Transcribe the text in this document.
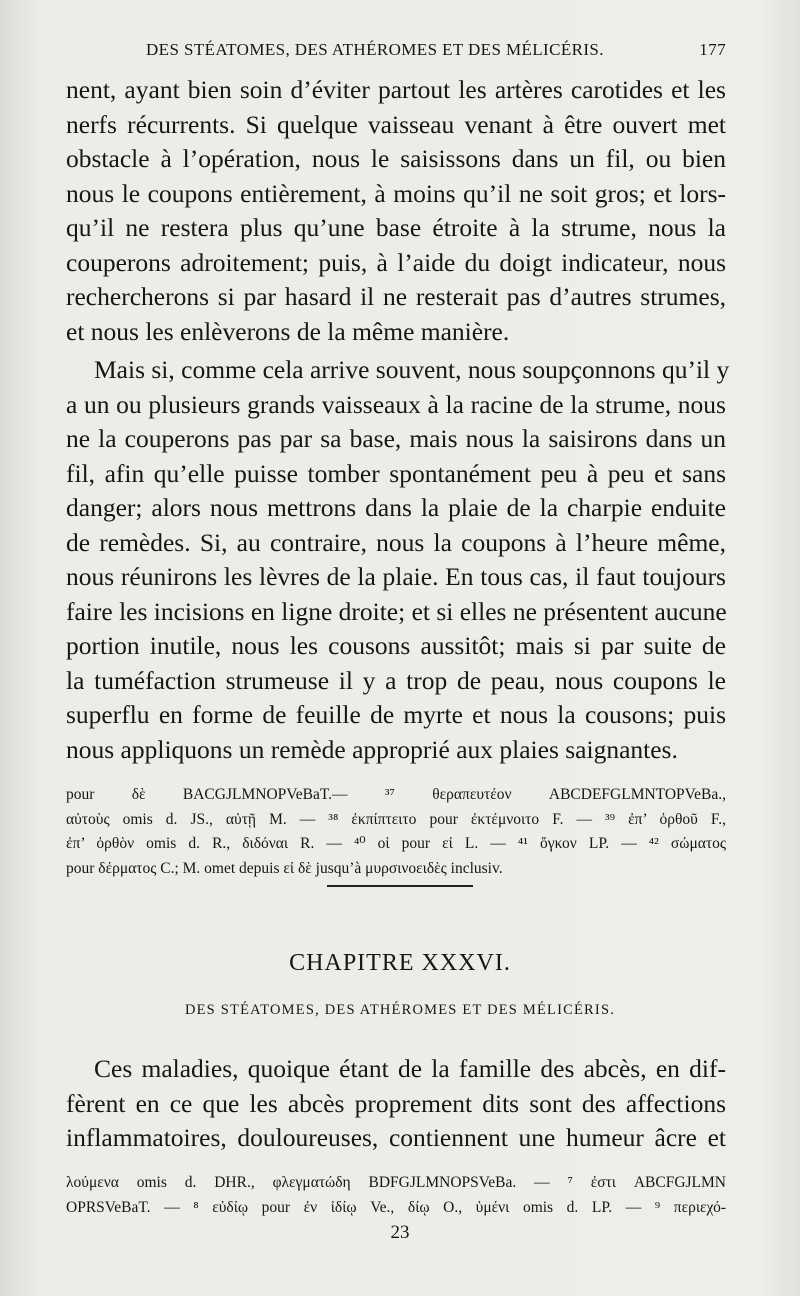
DES STÉATOMES, DES ATHÉROMES ET DES MÉLICÉRIS.	177
nent, ayant bien soin d’éviter partout les artères carotides et les
nerfs récurrents. Si quelque vaisseau venant à être ouvert met
obstacle à l’opération, nous le saisissons dans un fil, ou bien
nous le coupons entièrement, à moins qu’il ne soit gros; et lors-
qu’il ne restera plus qu’une base étroite à la strume, nous la
couperons adroitement; puis, à l’aide du doigt indicateur, nous
rechercherons si par hasard il ne resterait pas d’autres strumes,
et nous les enlèverons de la même manière.
Mais si, comme cela arrive souvent, nous soupçonnons qu’il y
a un ou plusieurs grands vaisseaux à la racine de la strume, nous
ne la couperons pas par sa base, mais nous la saisirons dans un
fil, afin qu’elle puisse tomber spontanément peu à peu et sans
danger; alors nous mettrons dans la plaie de la charpie enduite
de remèdes. Si, au contraire, nous la coupons à l’heure même,
nous réunirons les lèvres de la plaie. En tous cas, il faut toujours
faire les incisions en ligne droite; et si elles ne présentent aucune
portion inutile, nous les cousons aussitôt; mais si par suite de
la tuméfaction strumeuse il y a trop de peau, nous coupons le
superflu en forme de feuille de myrte et nous la cousons; puis
nous appliquons un remède approprié aux plaies saignantes.
pour δὲ BACGJLMNOPVeBaT.— ³⁷ θεραπευτέον ABCDEFGLMNTOPVeBa.,
αὐτοὺς omis d. JS., αὐτῇ M. — ³⁸ ἐκπίπτειτο pour ἐκτέμνοιτο F. — ³⁹ ἐπ’ ὀρθοῦ F.,
ἐπ’ ὀρθὸν omis d. R., διδόναι R. — ⁴⁰ οἱ pour εἰ L. — ⁴¹ ὄγκον LP. — ⁴² σώματος
pour δέρματος C.; M. omet depuis εἰ δὲ jusqu’à μυρσινοειδὲς inclusiv.
CHAPITRE XXXVI.
DES STÉATOMES, DES ATHÉROMES ET DES MÉLICÉRIS.
Ces maladies, quoique étant de la famille des abcès, en dif-
fèrent en ce que les abcès proprement dits sont des affections
inflammatoires, douloureuses, contiennent une humeur âcre et
λούμενα omis d. DHR., φλεγματώδη BDFGJLMNOPSVeBa. — ⁷ ἐστι ABCFGJLMN
OPRSVeBaT. — ⁸ εὐδίῳ pour ἐν ἰδίῳ Ve., δίῳ O., ὑμένι omis d. LP. — ⁹ περιεχό-
23
